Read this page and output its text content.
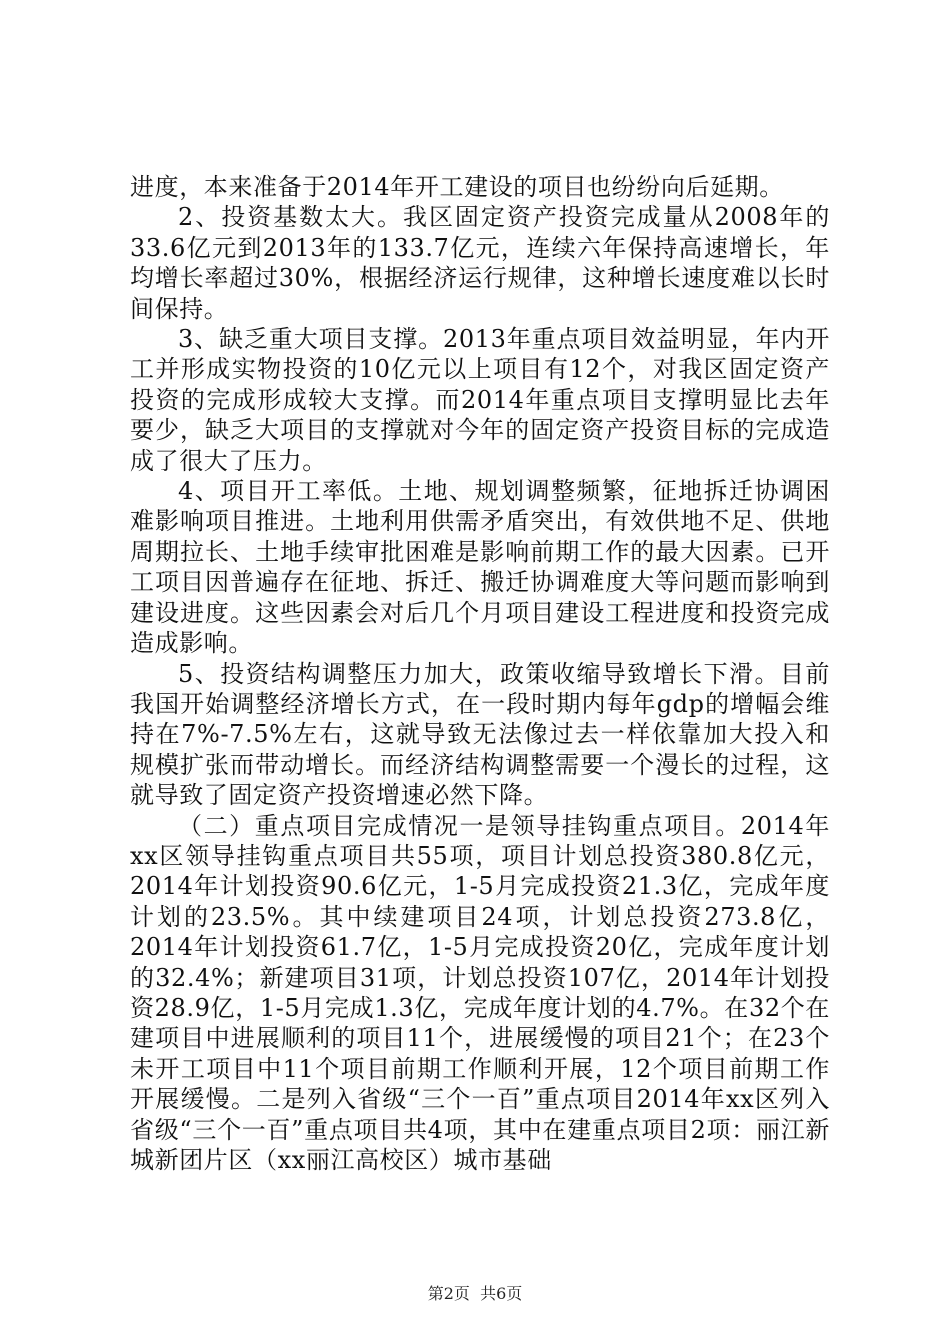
进度，本来准备于2014年开工建设的项目也纷纷向后延期。

2、投资基数太大。我区固定资产投资完成量从2008年的33.6亿元到2013年的133.7亿元，连续六年保持高速增长，年均增长率超过30%，根据经济运行规律，这种增长速度难以长时间保持。

3、缺乏重大项目支撑。2013年重点项目效益明显，年内开工并形成实物投资的10亿元以上项目有12个，对我区固定资产投资的完成形成较大支撑。而2014年重点项目支撑明显比去年要少，缺乏大项目的支撑就对今年的固定资产投资目标的完成造成了很大了压力。

4、项目开工率低。土地、规划调整频繁，征地拆迁协调困难影响项目推进。土地利用供需矛盾突出，有效供地不足、供地周期拉长、土地手续审批困难是影响前期工作的最大因素。已开工项目因普遍存在征地、拆迁、搬迁协调难度大等问题而影响到建设进度。这些因素会对后几个月项目建设工程进度和投资完成造成影响。

5、投资结构调整压力加大，政策收缩导致增长下滑。目前我国开始调整经济增长方式，在一段时期内每年gdp的增幅会维持在7%-7.5%左右，这就导致无法像过去一样依靠加大投入和规模扩张而带动增长。而经济结构调整需要一个漫长的过程，这就导致了固定资产投资增速必然下降。

（二）重点项目完成情况一是领导挂钩重点项目。2014年xx区领导挂钩重点项目共55项，项目计划总投资380.8亿元，2014年计划投资90.6亿元，1-5月完成投资21.3亿，完成年度计划的23.5%。其中续建项目24项，计划总投资273.8亿，2014年计划投资61.7亿，1-5月完成投资20亿，完成年度计划的32.4%；新建项目31项，计划总投资107亿，2014年计划投资28.9亿，1-5月完成1.3亿，完成年度计划的4.7%。在32个在建项目中进展顺利的项目11个，进展缓慢的项目21个；在23个未开工项目中11个项目前期工作顺利开展，12个项目前期工作开展缓慢。二是列入省级“三个一百”重点项目2014年xx区列入省级“三个一百”重点项目共4项，其中在建重点项目2项：丽江新城新团片区（xx丽江高校区）城市基础

第2页 共6页
